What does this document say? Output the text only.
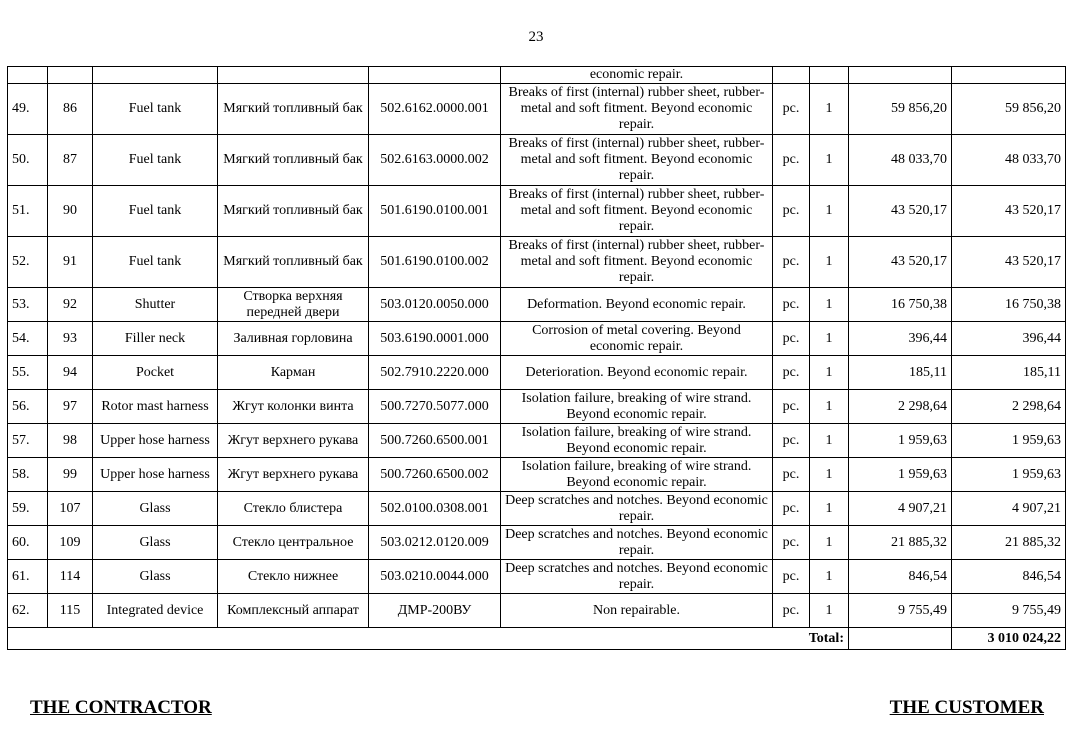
23
					economic repair.				
49.	86	Fuel tank	Мягкий топливный бак	502.6162.0000.001	Breaks of first (internal) rubber sheet, rubber-metal and soft fitment. Beyond economic repair.	pc.	1	59 856,20	59 856,20
50.	87	Fuel tank	Мягкий топливный бак	502.6163.0000.002	Breaks of first (internal) rubber sheet, rubber-metal and soft fitment. Beyond economic repair.	pc.	1	48 033,70	48 033,70
51.	90	Fuel tank	Мягкий топливный бак	501.6190.0100.001	Breaks of first (internal) rubber sheet, rubber-metal and soft fitment. Beyond economic repair.	pc.	1	43 520,17	43 520,17
52.	91	Fuel tank	Мягкий топливный бак	501.6190.0100.002	Breaks of first (internal) rubber sheet, rubber-metal and soft fitment. Beyond economic repair.	pc.	1	43 520,17	43 520,17
53.	92	Shutter	Створка верхняя передней двери	503.0120.0050.000	Deformation. Beyond economic repair.	pc.	1	16 750,38	16 750,38
54.	93	Filler neck	Заливная горловина	503.6190.0001.000	Corrosion of metal covering. Beyond economic repair.	pc.	1	396,44	396,44
55.	94	Pocket	Карман	502.7910.2220.000	Deterioration. Beyond economic repair.	pc.	1	185,11	185,11
56.	97	Rotor mast harness	Жгут колонки винта	500.7270.5077.000	Isolation failure, breaking of wire strand. Beyond economic repair.	pc.	1	2 298,64	2 298,64
57.	98	Upper hose harness	Жгут верхнего рукава	500.7260.6500.001	Isolation failure, breaking of wire strand. Beyond economic repair.	pc.	1	1 959,63	1 959,63
58.	99	Upper hose harness	Жгут верхнего рукава	500.7260.6500.002	Isolation failure, breaking of wire strand. Beyond economic repair.	pc.	1	1 959,63	1 959,63
59.	107	Glass	Стекло блистера	502.0100.0308.001	Deep scratches and notches. Beyond economic repair.	pc.	1	4 907,21	4 907,21
60.	109	Glass	Стекло центральное	503.0212.0120.009	Deep scratches and notches. Beyond economic repair.	pc.	1	21 885,32	21 885,32
61.	114	Glass	Стекло нижнее	503.0210.0044.000	Deep scratches and notches. Beyond economic repair.	pc.	1	846,54	846,54
62.	115	Integrated device	Комплексный аппарат	ДМР-200ВУ	Non repairable.	pc.	1	9 755,49	9 755,49
Total:									3 010 024,22
THE CONTRACTOR	THE CUSTOMER
